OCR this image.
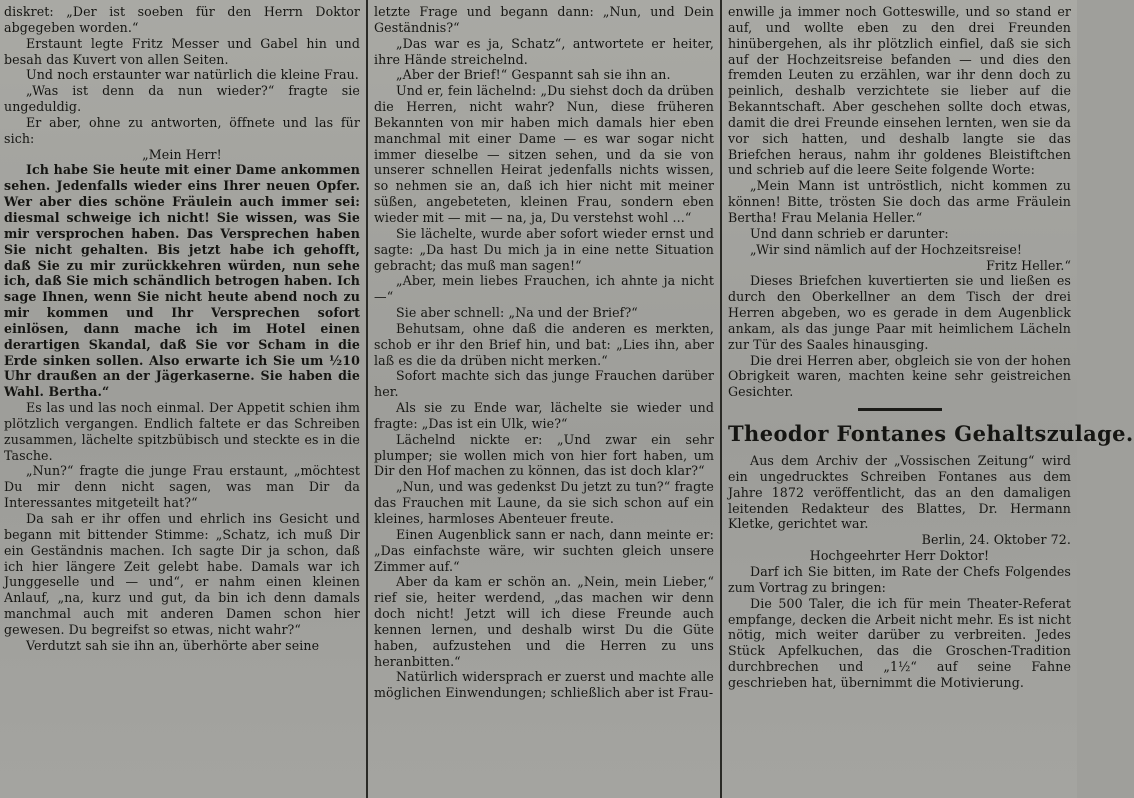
diskret: „Der ist soeben für den Herrn Doktor abgegeben worden.“

Erstaunt legte Fritz Messer und Gabel hin und besah das Kuvert von allen Seiten.

Und noch erstaunter war natürlich die kleine Frau.

„Was ist denn da nun wieder?“ fragte sie ungeduldig.

Er aber, ohne zu antworten, öffnete und las für sich:

„Mein Herr!

Ich habe Sie heute mit einer Dame ankommen sehen. Jedenfalls wieder eins Ihrer neuen Opfer. Wer aber dies schöne Fräulein auch immer sei: diesmal schweige ich nicht! Sie wissen, was Sie mir versprochen haben. Das Versprechen haben Sie nicht gehalten. Bis jetzt habe ich gehofft, daß Sie zu mir zurückkehren würden, nun sehe ich, daß Sie mich schändlich betrogen haben. Ich sage Ihnen, wenn Sie nicht heute abend noch zu mir kommen und Ihr Versprechen sofort einlösen, dann mache ich im Hotel einen derartigen Skandal, daß Sie vor Scham in die Erde sinken sollen. Also erwarte ich Sie um ½10 Uhr draußen an der Jägerkaserne. Sie haben die Wahl. Bertha.“

Es las und las noch einmal. Der Appetit schien ihm plötzlich vergangen. Endlich faltete er das Schreiben zusammen, lächelte spitzbübisch und steckte es in die Tasche.

„Nun?“ fragte die junge Frau erstaunt, „möchtest Du mir denn nicht sagen, was man Dir da Interessantes mitgeteilt hat?“

Da sah er ihr offen und ehrlich ins Gesicht und begann mit bittender Stimme: „Schatz, ich muß Dir ein Geständnis machen. Ich sagte Dir ja schon, daß ich hier längere Zeit gelebt habe. Damals war ich Junggeselle und — und“, er nahm einen kleinen Anlauf, „na, kurz und gut, da bin ich denn damals manchmal auch mit anderen Damen schon hier gewesen. Du begreifst so etwas, nicht wahr?“

Verdutzt sah sie ihn an, überhörte aber seine

letzte Frage und begann dann: „Nun, und Dein Geständnis?“

„Das war es ja, Schatz“, antwortete er heiter, ihre Hände streichelnd.

„Aber der Brief!“ Gespannt sah sie ihn an.

Und er, fein lächelnd: „Du siehst doch da drüben die Herren, nicht wahr? Nun, diese früheren Bekannten von mir haben mich damals hier eben manchmal mit einer Dame — es war sogar nicht immer dieselbe — sitzen sehen, und da sie von unserer schnellen Heirat jedenfalls nichts wissen, so nehmen sie an, daß ich hier nicht mit meiner süßen, angebeteten, kleinen Frau, sondern eben wieder mit — mit — na, ja, Du verstehst wohl ...“

Sie lächelte, wurde aber sofort wieder ernst und sagte: „Da hast Du mich ja in eine nette Situation gebracht; das muß man sagen!“

„Aber, mein liebes Frauchen, ich ahnte ja nicht —“

Sie aber schnell: „Na und der Brief?“

Behutsam, ohne daß die anderen es merkten, schob er ihr den Brief hin, und bat: „Lies ihn, aber laß es die da drüben nicht merken.“

Sofort machte sich das junge Frauchen darüber her.

Als sie zu Ende war, lächelte sie wieder und fragte: „Das ist ein Ulk, wie?“

Lächelnd nickte er: „Und zwar ein sehr plumper; sie wollen mich von hier fort haben, um Dir den Hof machen zu können, das ist doch klar?“

„Nun, und was gedenkst Du jetzt zu tun?“ fragte das Frauchen mit Laune, da sie sich schon auf ein kleines, harmloses Abenteuer freute.

Einen Augenblick sann er nach, dann meinte er: „Das einfachste wäre, wir suchten gleich unsere Zimmer auf.“

Aber da kam er schön an. „Nein, mein Lieber,“ rief sie, heiter werdend, „das machen wir denn doch nicht! Jetzt will ich diese Freunde auch kennen lernen, und deshalb wirst Du die Güte haben, aufzustehen und die Herren zu uns heranbitten.“

Natürlich widersprach er zuerst und machte alle möglichen Einwendungen; schließlich aber ist Frau-

enwille ja immer noch Gotteswille, und so stand er auf, und wollte eben zu den drei Freunden hinübergehen, als ihr plötzlich einfiel, daß sie sich auf der Hochzeitsreise befanden — und dies den fremden Leuten zu erzählen, war ihr denn doch zu peinlich, deshalb verzichtete sie lieber auf die Bekanntschaft. Aber geschehen sollte doch etwas, damit die drei Freunde einsehen lernten, wen sie da vor sich hatten, und deshalb langte sie das Briefchen heraus, nahm ihr goldenes Bleistiftchen und schrieb auf die leere Seite folgende Worte:

„Mein Mann ist untröstlich, nicht kommen zu können! Bitte, trösten Sie doch das arme Fräulein Bertha! Frau Melania Heller.“

Und dann schrieb er darunter:

„Wir sind nämlich auf der Hochzeitsreise!

Fritz Heller.“

Dieses Briefchen kuvertierten sie und ließen es durch den Oberkellner an dem Tisch der drei Herren abgeben, wo es gerade in dem Augenblick ankam, als das junge Paar mit heimlichem Lächeln zur Tür des Saales hinausging.

Die drei Herren aber, obgleich sie von der hohen Obrigkeit waren, machten keine sehr geistreichen Gesichter.

Theodor Fontanes Gehaltszulage.

Aus dem Archiv der „Vossischen Zeitung“ wird ein ungedrucktes Schreiben Fontanes aus dem Jahre 1872 veröffentlicht, das an den damaligen leitenden Redakteur des Blattes, Dr. Hermann Kletke, gerichtet war.

Berlin, 24. Oktober 72.

Hochgeehrter Herr Doktor!

Darf ich Sie bitten, im Rate der Chefs Folgendes zum Vortrag zu bringen:

Die 500 Taler, die ich für mein Theater-Referat empfange, decken die Arbeit nicht mehr. Es ist nicht nötig, mich weiter darüber zu verbreiten. Jedes Stück Apfelkuchen, das die Groschen-Tradition durchbrechen und „1½“ auf seine Fahne geschrieben hat, übernimmt die Motivierung.
